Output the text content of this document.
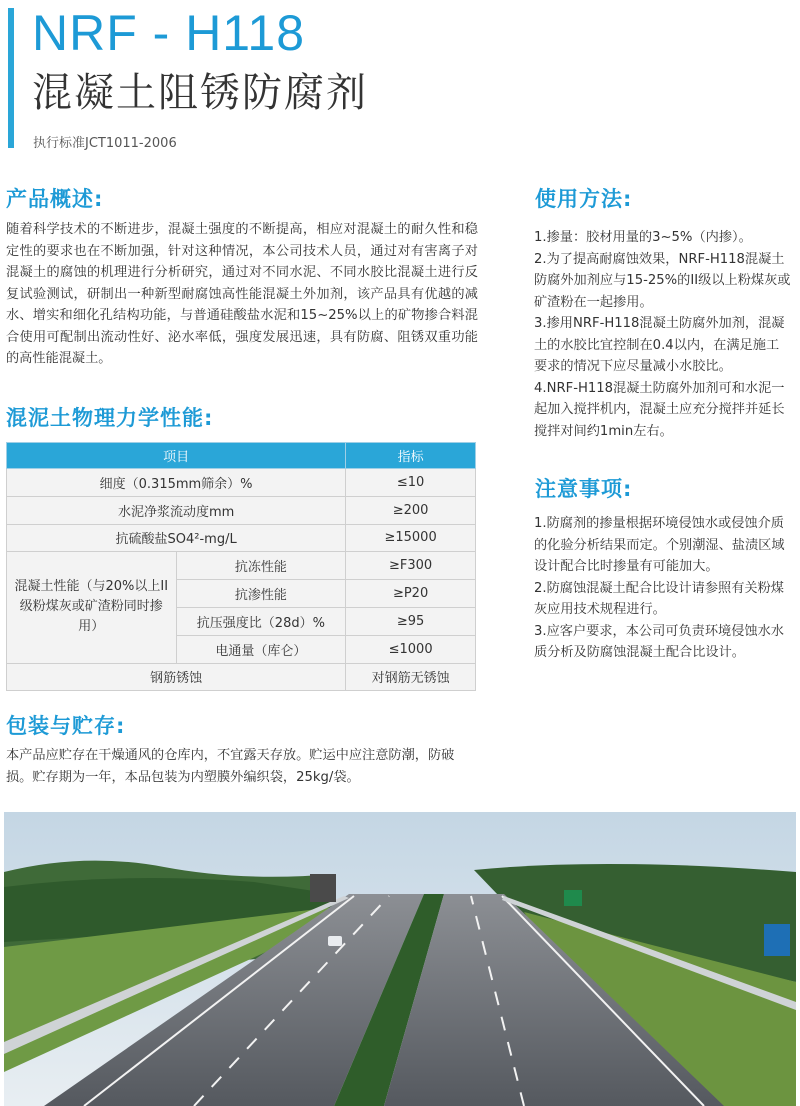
NRF - H118
混凝土阻锈防腐剂
执行标准JCT1011-2006
产品概述:
随着科学技术的不断进步，混凝土强度的不断提高，相应对混凝土的耐久性和稳定性的要求也在不断加强，针对这种情况，本公司技术人员，通过对有害离子对混凝土的腐蚀的机理进行分析研究，通过对不同水泥、不同水胶比混凝土进行反复试验测试，研制出一种新型耐腐蚀高性能混凝土外加剂，该产品具有优越的减水、增实和细化孔结构功能，与普通硅酸盐水泥和15~25%以上的矿物掺合料混合使用可配制出流动性好、泌水率低，强度发展迅速，具有防腐、阻锈双重功能的高性能混凝土。
混泥土物理力学性能:
项目		指标
细度（0.315mm筛余）%		≤10
水泥净浆流动度mm		≥200
抗硫酸盐SO4²-mg/L		≥15000
混凝土性能（与20%以上II级粉煤灰或矿渣粉同时掺用）	抗冻性能	≥F300
	抗渗性能	≥P20
	抗压强度比（28d）%	≥95
	电通量（库仑）	≤1000
钢筋锈蚀		对钢筋无锈蚀
包装与贮存:
本产品应贮存在干燥通风的仓库内，不宜露天存放。贮运中应注意防潮，防破损。贮存期为一年，本品包装为内塑膜外编织袋，25kg/袋。
使用方法:

1.掺量：胶材用量的3~5%（内掺）。

2.为了提高耐腐蚀效果，NRF-H118混凝土防腐外加剂应与15-25%的II级以上粉煤灰或矿渣粉在一起掺用。

3.掺用NRF-H118混凝土防腐外加剂，混凝土的水胶比宜控制在0.4以内，在满足施工要求的情况下应尽量减小水胶比。

4.NRF-H118混凝土防腐外加剂可和水泥一起加入搅拌机内，混凝土应充分搅拌并延长搅拌对间约1min左右。

注意事项:

1.防腐剂的掺量根据环境侵蚀水或侵蚀介质的化验分析结果而定。个别潮湿、盐渍区域设计配合比时掺量有可能加大。

2.防腐蚀混凝土配合比设计请参照有关粉煤灰应用技术规程进行。

3.应客户要求，本公司可负责环境侵蚀水水质分析及防腐蚀混凝土配合比设计。
